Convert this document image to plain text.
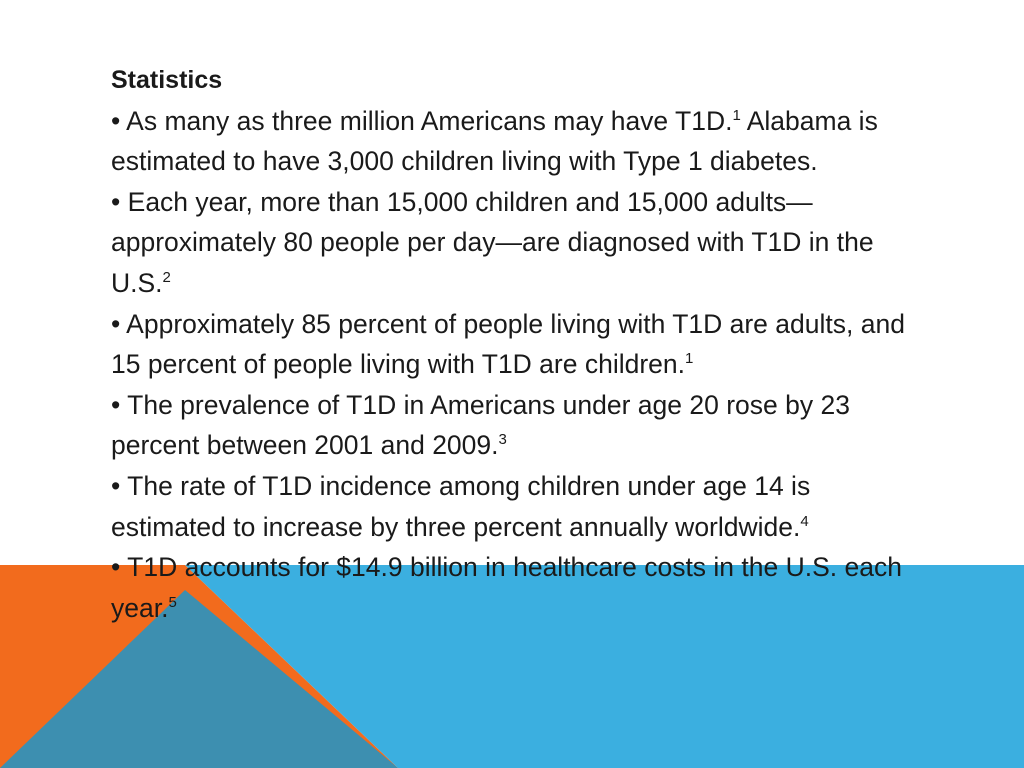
Statistics

• As many as three million Americans may have T1D.$^1$ Alabama is estimated to have 3,000 children living with Type 1 diabetes.

• Each year, more than 15,000 children and 15,000 adults—approximately 80 people per day—are diagnosed with T1D in the U.S.$^2$

• Approximately 85 percent of people living with T1D are adults, and 15 percent of people living with T1D are children.$^1$

• The prevalence of T1D in Americans under age 20 rose by 23 percent between 2001 and 2009.$^3$

• The rate of T1D incidence among children under age 14 is estimated to increase by three percent annually worldwide.$^4$

• T1D accounts for $14.9 billion in healthcare costs in the U.S. each year.$^5$
